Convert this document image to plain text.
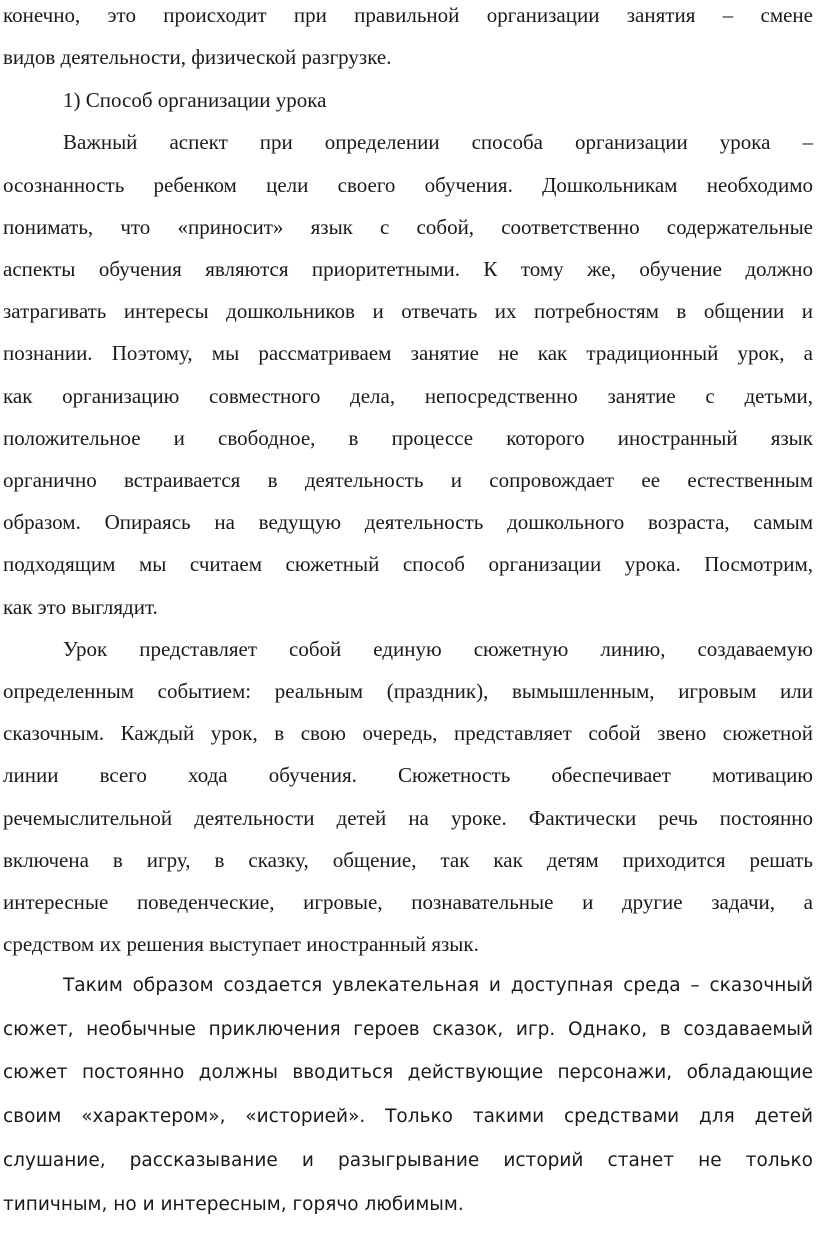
конечно, это происходит при правильной организации занятия – смене
видов деятельности, физической разгрузке.
1) Способ организации урока
Важный аспект при определении способа организации урока –
осознанность ребенком цели своего обучения. Дошкольникам необходимо
понимать, что «приносит» язык с собой, соответственно содержательные
аспекты обучения являются приоритетными. К тому же, обучение должно
затрагивать интересы дошкольников и отвечать их потребностям в общении и
познании. Поэтому, мы рассматриваем занятие не как традиционный урок, а
как организацию совместного дела, непосредственно занятие с детьми,
положительное и свободное, в процессе которого иностранный язык
органично встраивается в деятельность и сопровождает ее естественным
образом. Опираясь на ведущую деятельность дошкольного возраста, самым
подходящим мы считаем сюжетный способ организации урока. Посмотрим,
как это выглядит.
Урок представляет собой единую сюжетную линию, создаваемую
определенным событием: реальным (праздник), вымышленным, игровым или
сказочным. Каждый урок, в свою очередь, представляет собой звено сюжетной
линии всего хода обучения. Сюжетность обеспечивает мотивацию
речемыслительной деятельности детей на уроке. Фактически речь постоянно
включена в игру, в сказку, общение, так как детям приходится решать
интересные поведенческие, игровые, познавательные и другие задачи, а
средством их решения выступает иностранный язык.
Таким образом создается увлекательная и доступная среда – сказочный
сюжет, необычные приключения героев сказок, игр. Однако, в создаваемый
сюжет постоянно должны вводиться действующие персонажи, обладающие
своим «характером», «историей». Только такими средствами для детей
слушание, рассказывание и разыгрывание историй станет не только
типичным, но и интересным, горячо любимым.
